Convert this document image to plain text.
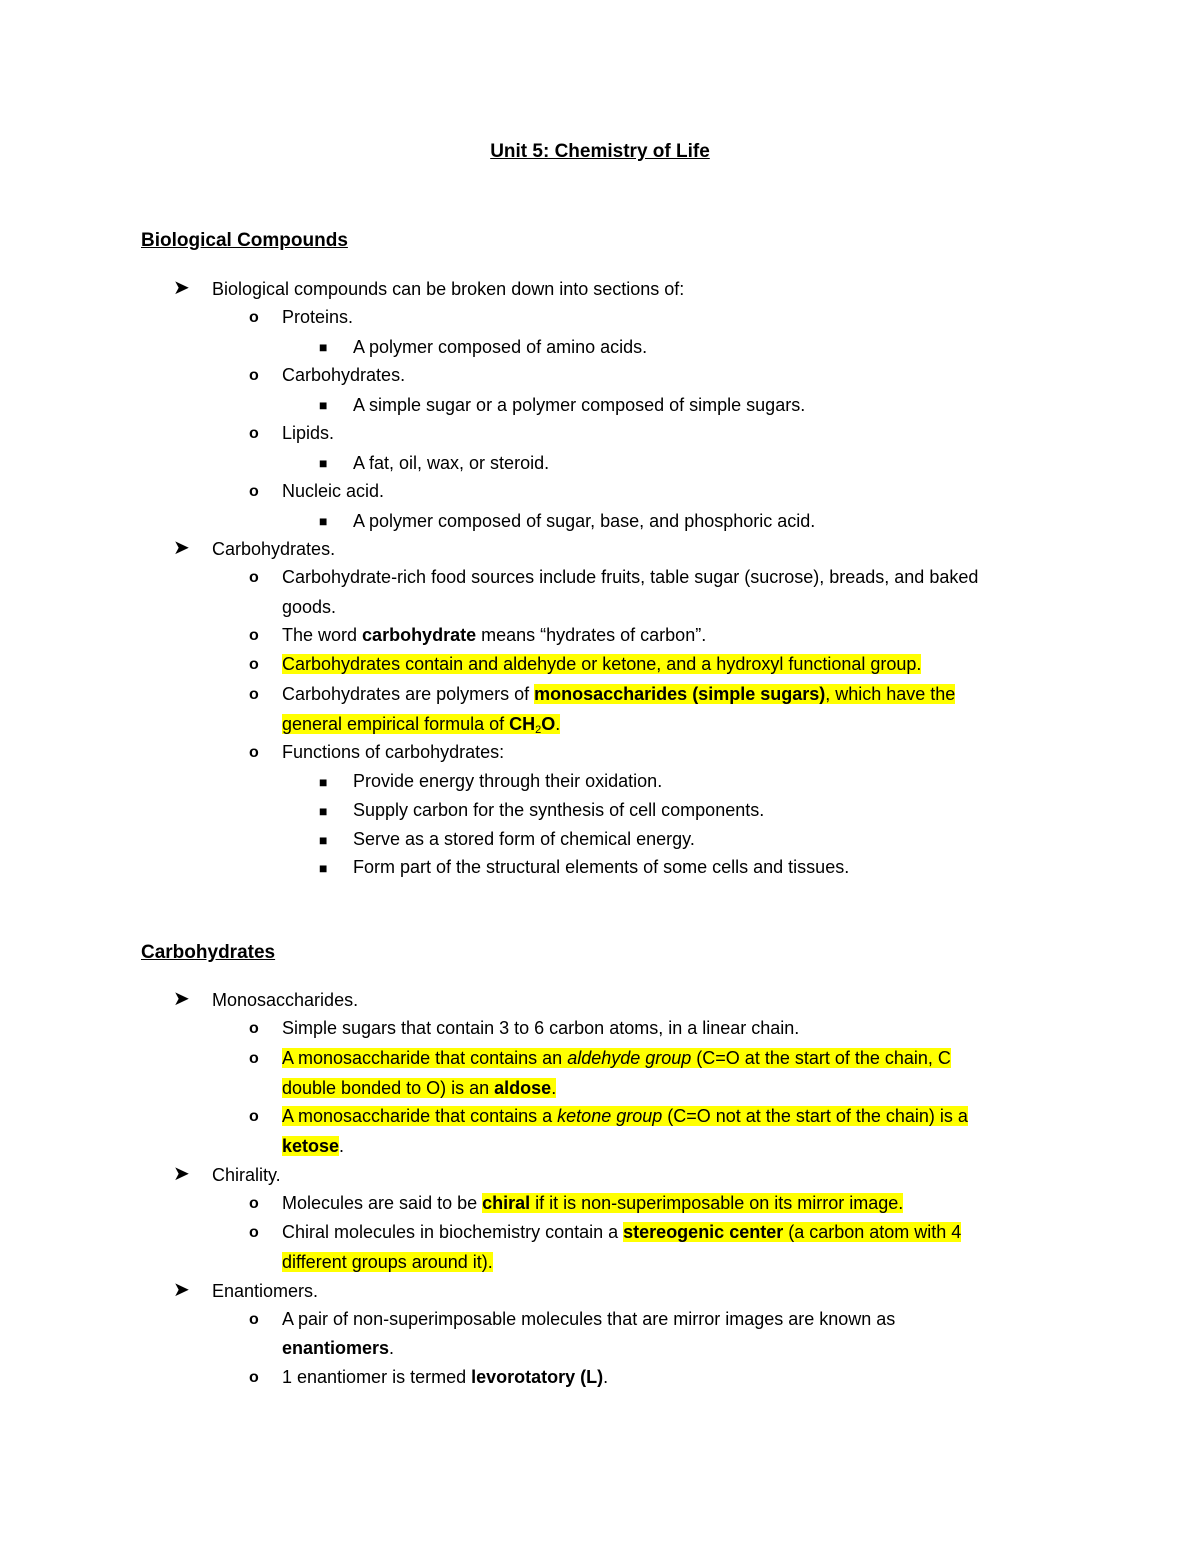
Unit 5: Chemistry of Life
Biological Compounds
➤ Biological compounds can be broken down into sections of:
o Proteins.
■ A polymer composed of amino acids.
o Carbohydrates.
■ A simple sugar or a polymer composed of simple sugars.
o Lipids.
■ A fat, oil, wax, or steroid.
o Nucleic acid.
■ A polymer composed of sugar, base, and phosphoric acid.
➤ Carbohydrates.
o Carbohydrate-rich food sources include fruits, table sugar (sucrose), breads, and baked
goods.
o The word carbohydrate means “hydrates of carbon”.
o Carbohydrates contain and aldehyde or ketone, and a hydroxyl functional group.
o Carbohydrates are polymers of monosaccharides (simple sugars), which have the
general empirical formula of $CH_2O$.
o Functions of carbohydrates:
■ Provide energy through their oxidation.
■ Supply carbon for the synthesis of cell components.
■ Serve as a stored form of chemical energy.
■ Form part of the structural elements of some cells and tissues.
Carbohydrates
➤ Monosaccharides.
o Simple sugars that contain 3 to 6 carbon atoms, in a linear chain.
o A monosaccharide that contains an aldehyde group (C=O at the start of the chain, C
double bonded to O) is an aldose.
o A monosaccharide that contains a ketone group (C=O not at the start of the chain) is a
ketose.
➤ Chirality.
o Molecules are said to be chiral if it is non-superimposable on its mirror image.
o Chiral molecules in biochemistry contain a stereogenic center (a carbon atom with 4
different groups around it).
➤ Enantiomers.
o A pair of non-superimposable molecules that are mirror images are known as
enantiomers.
o 1 enantiomer is termed levorotatory (L).
